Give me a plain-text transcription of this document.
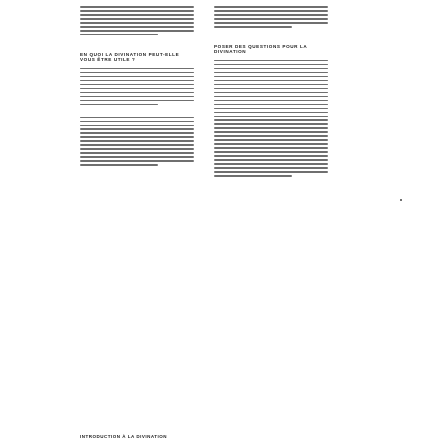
EN QUOI LA DIVINATION PEUT-ELLE VOUS ÊTRE UTILE ?
POSER DES QUESTIONS POUR LA DIVINATION
INTRODUCTION À LA DIVINATION
